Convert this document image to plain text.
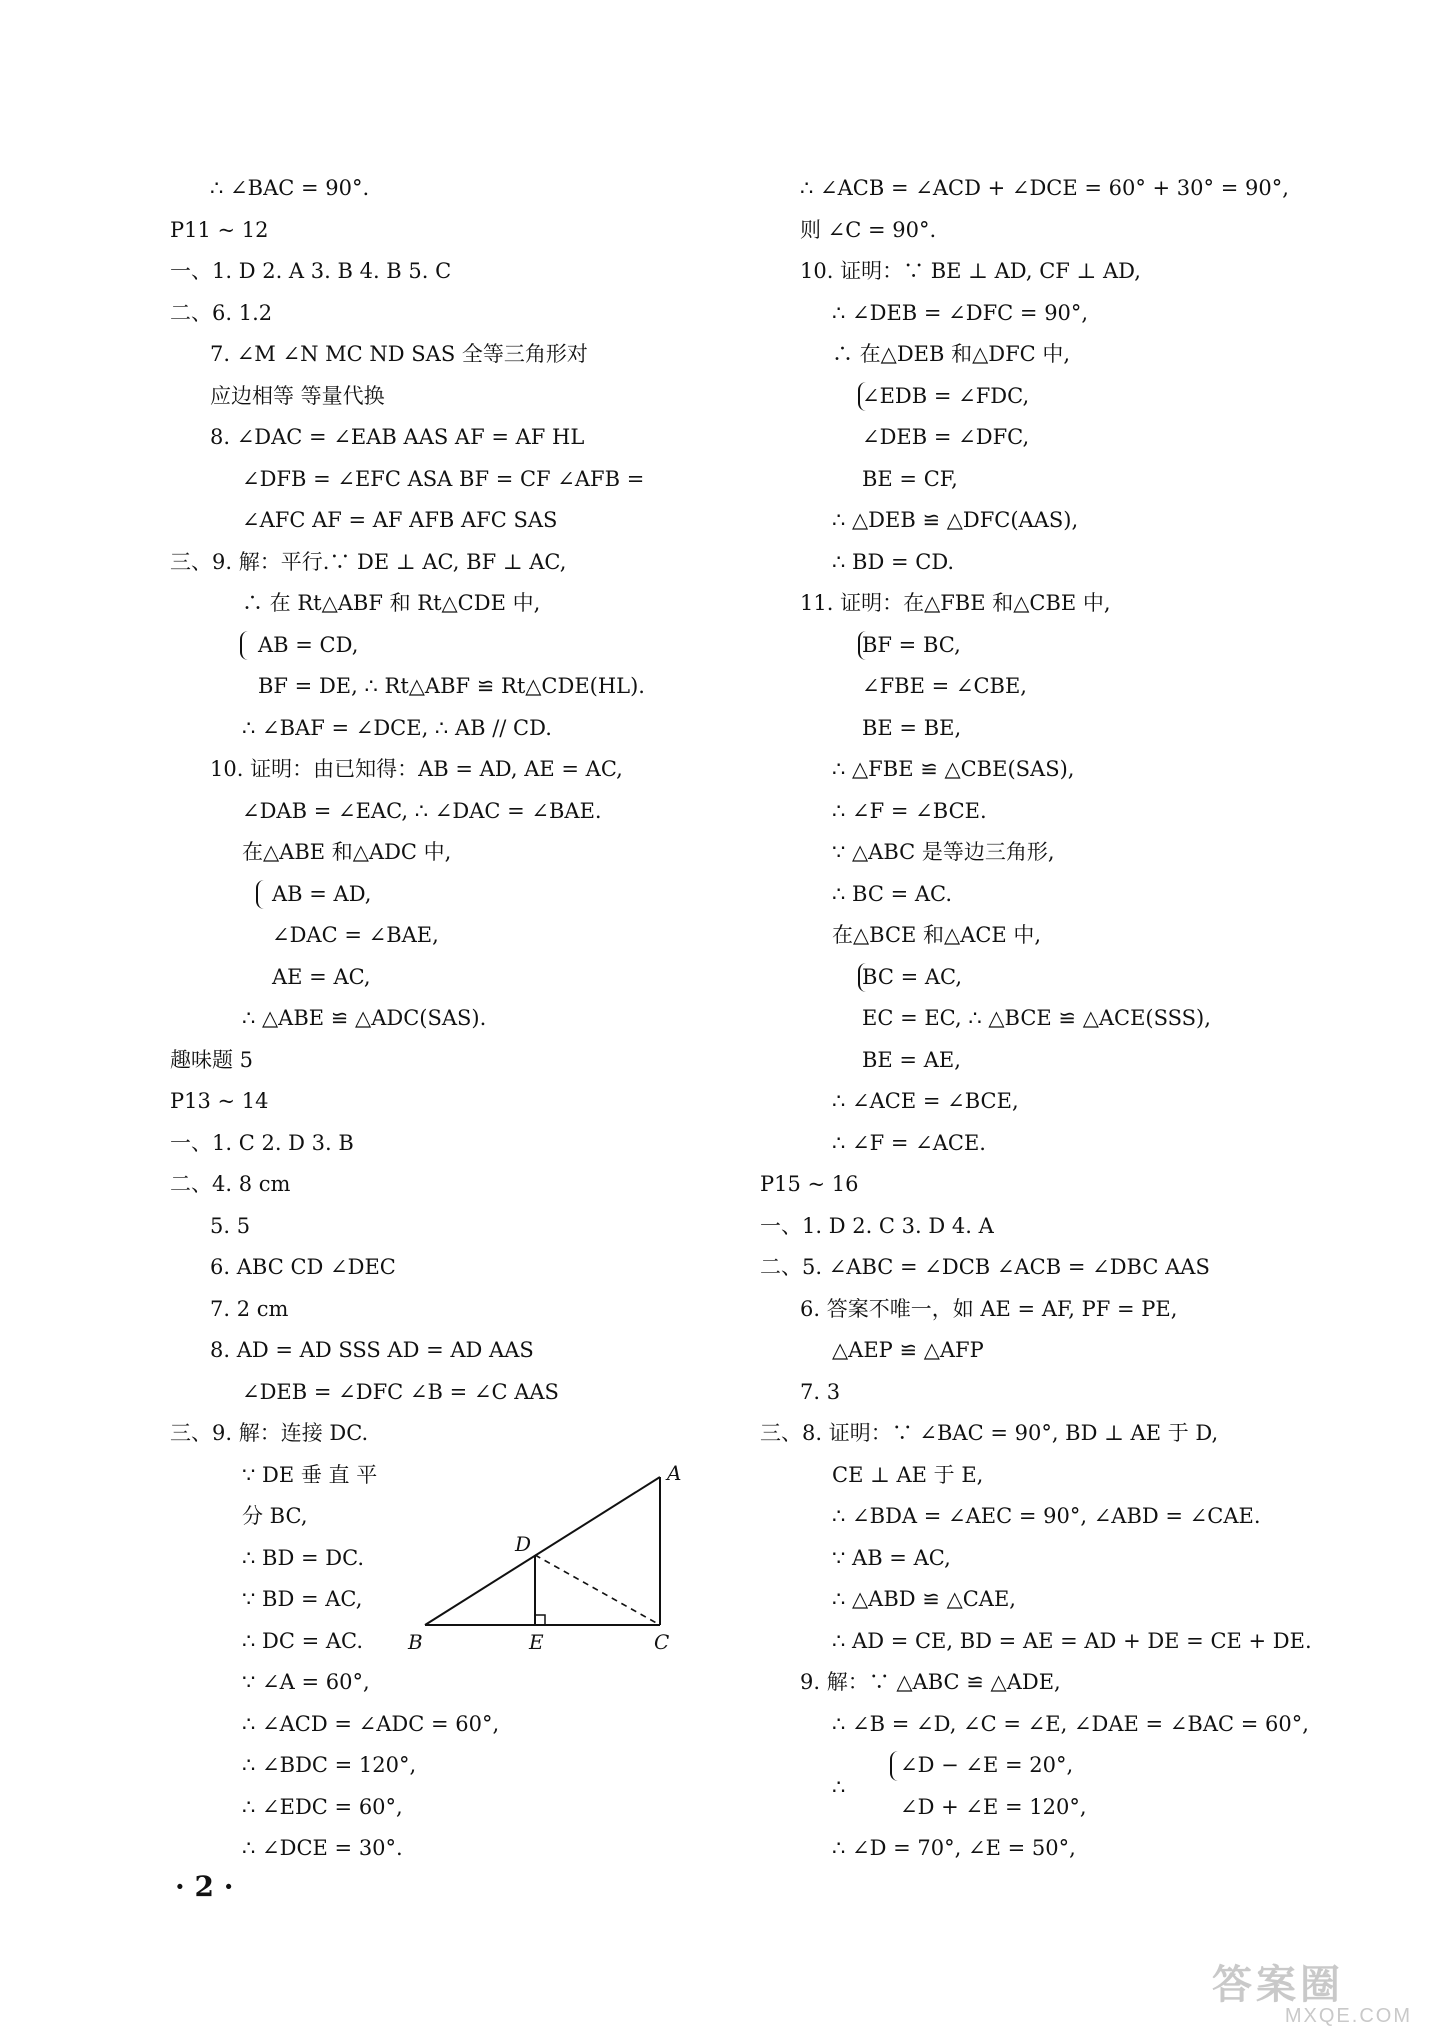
∴ ∠BAC = 90°.
P11 ~ 12
一、1. D 2. A 3. B 4. B 5. C
二、6. 1.2
7. ∠M ∠N MC ND SAS 全等三角形对
应边相等 等量代换
8. ∠DAC = ∠EAB AAS AF = AF HL
∠DFB = ∠EFC ASA BF = CF ∠AFB =
∠AFC AF = AF AFB AFC SAS
三、9. 解：平行.∵ DE ⊥ AC, BF ⊥ AC,
∴ 在 Rt△ABF 和 Rt△CDE 中,
AB = CD,
BF = DE, ∴ Rt△ABF ≌ Rt△CDE(HL).
∴ ∠BAF = ∠DCE, ∴ AB // CD.
10. 证明：由已知得：AB = AD, AE = AC,
∠DAB = ∠EAC, ∴ ∠DAC = ∠BAE.
在△ABE 和△ADC 中,
AB = AD,
∠DAC = ∠BAE,
AE = AC,
∴ △ABE ≌ △ADC(SAS).
趣味题 5
P13 ~ 14
一、1. C 2. D 3. B
二、4. 8 cm
5. 5
6. ABC CD ∠DEC
7. 2 cm
8. AD = AD SSS AD = AD AAS
∠DEB = ∠DFC ∠B = ∠C AAS
三、9. 解：连接 DC.
∵ DE 垂 直 平
分 BC,
∴ BD = DC.
∵ BD = AC,
∴ DC = AC.
∵ ∠A = 60°,
∴ ∠ACD = ∠ADC = 60°,
∴ ∠BDC = 120°,
∴ ∠EDC = 60°,
∴ ∠DCE = 30°.
A
D
B	E	C
∴ ∠ACB = ∠ACD + ∠DCE = 60° + 30° = 90°,
则 ∠C = 90°.
10. 证明：∵ BE ⊥ AD, CF ⊥ AD,
∴ ∠DEB = ∠DFC = 90°,
∴ 在△DEB 和△DFC 中,
∠EDB = ∠FDC,
∠DEB = ∠DFC,
BE = CF,
∴ △DEB ≌ △DFC(AAS),
∴ BD = CD.
11. 证明：在△FBE 和△CBE 中,
BF = BC,
∠FBE = ∠CBE,
BE = BE,
∴ △FBE ≌ △CBE(SAS),
∴ ∠F = ∠BCE.
∵ △ABC 是等边三角形,
∴ BC = AC.
在△BCE 和△ACE 中,
BC = AC,
EC = EC, ∴ △BCE ≌ △ACE(SSS),
BE = AE,
∴ ∠ACE = ∠BCE,
∴ ∠F = ∠ACE.
P15 ~ 16
一、1. D 2. C 3. D 4. A
二、5. ∠ABC = ∠DCB ∠ACB = ∠DBC AAS
6. 答案不唯一，如 AE = AF, PF = PE,
△AEP ≌ △AFP
7. 3
三、8. 证明：∵ ∠BAC = 90°, BD ⊥ AE 于 D,
CE ⊥ AE 于 E,
∴ ∠BDA = ∠AEC = 90°, ∠ABD = ∠CAE.
∵ AB = AC,
∴ △ABD ≌ △CAE,
∴ AD = CE, BD = AE = AD + DE = CE + DE.
9. 解：∵ △ABC ≌ △ADE,
∴ ∠B = ∠D, ∠C = ∠E, ∠DAE = ∠BAC = 60°,
∠D − ∠E = 20°,
∴
∠D + ∠E = 120°,
∴ ∠D = 70°, ∠E = 50°,
· 2 ·
答案圈
MXQE.COM
